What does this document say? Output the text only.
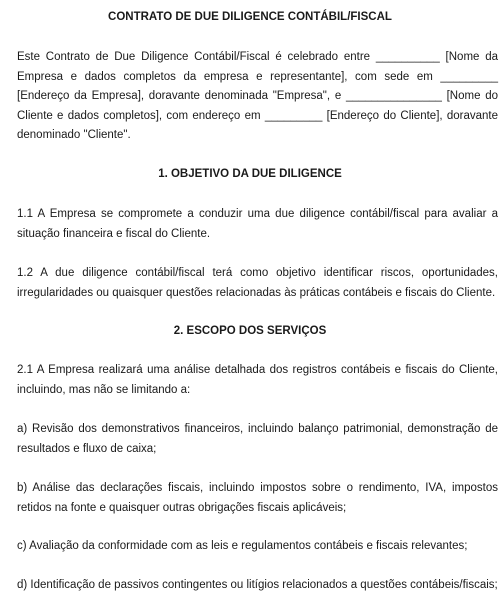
CONTRATO DE DUE DILIGENCE CONTÁBIL/FISCAL

Este Contrato de Due Diligence Contábil/Fiscal é celebrado entre __________ [Nome da Empresa e dados completos da empresa e representante], com sede em _________ [Endereço da Empresa], doravante denominada "Empresa", e _______________ [Nome do Cliente e dados completos], com endereço em _________ [Endereço do Cliente], doravante denominado "Cliente".

1. OBJETIVO DA DUE DILIGENCE

1.1 A Empresa se compromete a conduzir uma due diligence contábil/fiscal para avaliar a situação financeira e fiscal do Cliente.

1.2 A due diligence contábil/fiscal terá como objetivo identificar riscos, oportunidades, irregularidades ou quaisquer questões relacionadas às práticas contábeis e fiscais do Cliente.

2. ESCOPO DOS SERVIÇOS

2.1 A Empresa realizará uma análise detalhada dos registros contábeis e fiscais do Cliente, incluindo, mas não se limitando a:

a) Revisão dos demonstrativos financeiros, incluindo balanço patrimonial, demonstração de resultados e fluxo de caixa;

b) Análise das declarações fiscais, incluindo impostos sobre o rendimento, IVA, impostos retidos na fonte e quaisquer outras obrigações fiscais aplicáveis;

c) Avaliação da conformidade com as leis e regulamentos contábeis e fiscais relevantes;

d) Identificação de passivos contingentes ou litígios relacionados a questões contábeis/fiscais;
